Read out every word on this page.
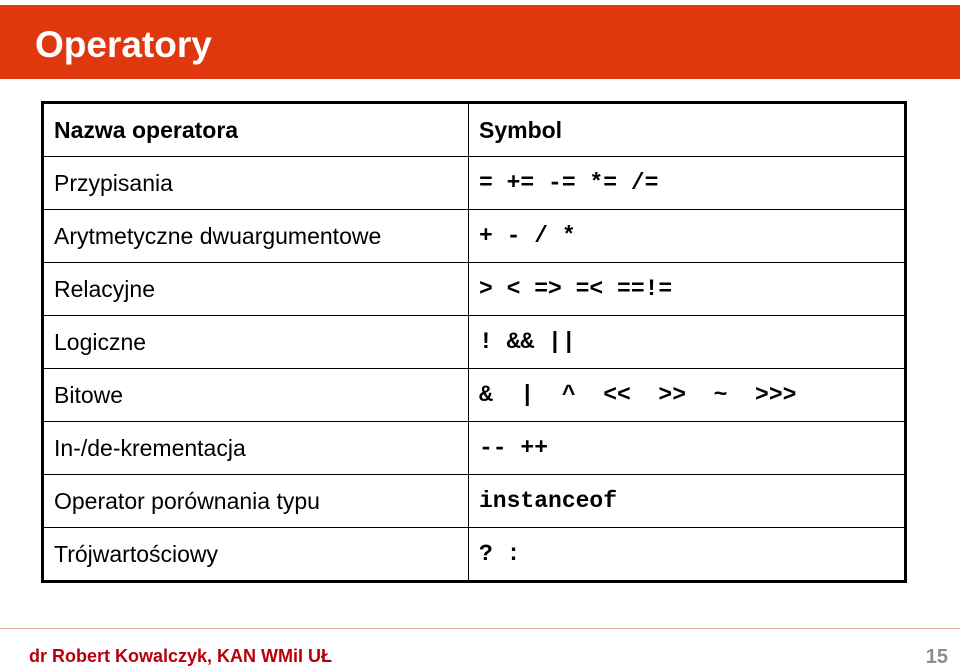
Operatory
Nazwa operatora	Symbol
Przypisania	= += -= *= /=
Arytmetyczne dwuargumentowe	+ - / *
Relacyjne	> < => =< ==!=
Logiczne	! && ||
Bitowe	&  |  ^  <<  >>  ~  >>>
In-/de-krementacja	-- ++
Operator porównania typu	instanceof
Trójwartościowy	? :
dr Robert Kowalczyk, KAN WMiI UŁ	15
